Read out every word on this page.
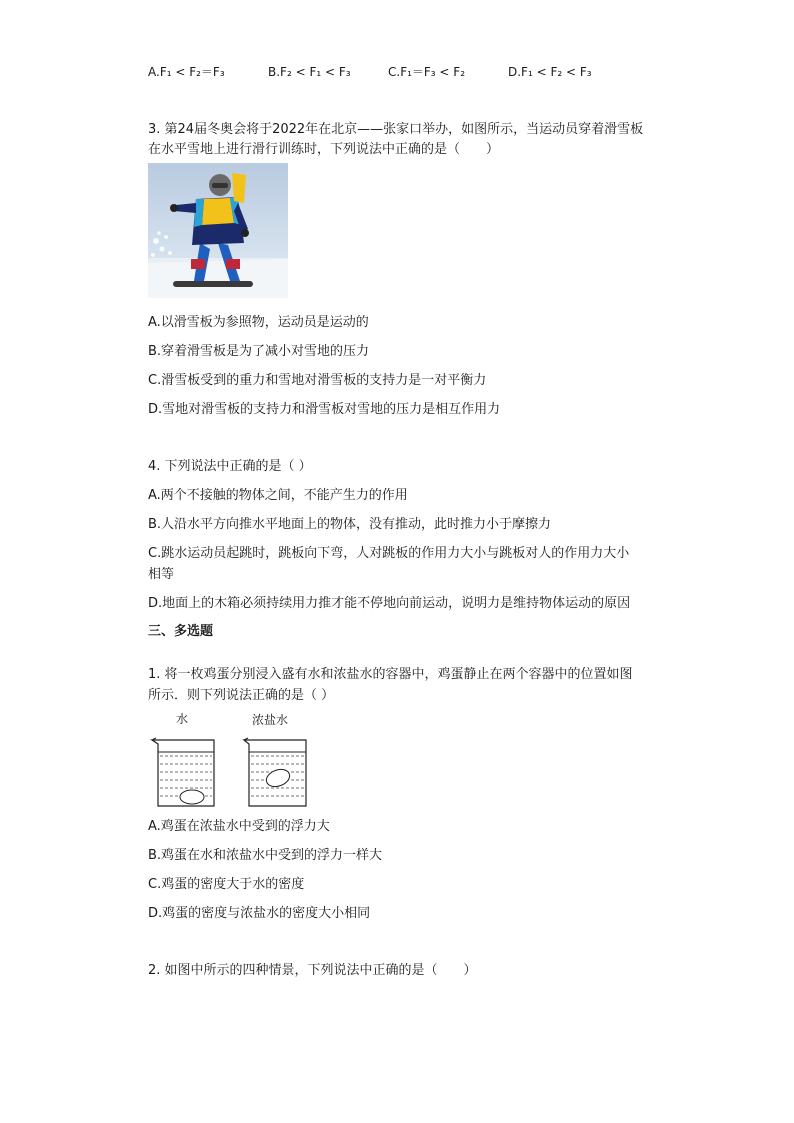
A.F₁ < F₂＝F₃	B.F₂ < F₁ < F₃	C.F₁＝F₃ < F₂	D.F₁ < F₂ < F₃
3. 第24届冬奥会将于2022年在北京——张家口举办，如图所示，当运动员穿着滑雪板
在水平雪地上进行滑行训练时，下列说法中正确的是（　　）
A.以滑雪板为参照物，运动员是运动的
B.穿着滑雪板是为了减小对雪地的压力
C.滑雪板受到的重力和雪地对滑雪板的支持力是一对平衡力
D.雪地对滑雪板的支持力和滑雪板对雪地的压力是相互作用力
4. 下列说法中正确的是（ ）
A.两个不接触的物体之间，不能产生力的作用
B.人沿水平方向推水平地面上的物体，没有推动，此时推力小于摩擦力
C.跳水运动员起跳时，跳板向下弯，人对跳板的作用力大小与跳板对人的作用力大小
相等
D.地面上的木箱必须持续用力推才能不停地向前运动，说明力是维持物体运动的原因
三、多选题
1. 将一枚鸡蛋分别浸入盛有水和浓盐水的容器中，鸡蛋静止在两个容器中的位置如图
所示．则下列说法正确的是（ ）
水	浓盐水
A.鸡蛋在浓盐水中受到的浮力大
B.鸡蛋在水和浓盐水中受到的浮力一样大
C.鸡蛋的密度大于水的密度
D.鸡蛋的密度与浓盐水的密度大小相同
2. 如图中所示的四种情景，下列说法中正确的是（　　）
